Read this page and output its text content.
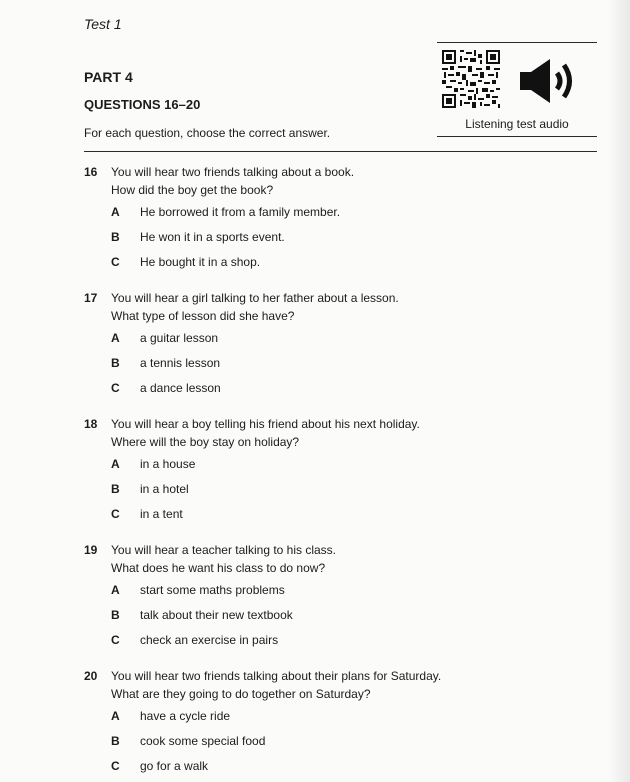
Test 1
PART 4
QUESTIONS 16–20
For each question, choose the correct answer.
Listening test audio
16 You will hear two friends talking about a book.
How did the boy get the book?
A He borrowed it from a family member.
B He won it in a sports event.
C He bought it in a shop.
17 You will hear a girl talking to her father about a lesson.
What type of lesson did she have?
A a guitar lesson
B a tennis lesson
C a dance lesson
18 You will hear a boy telling his friend about his next holiday.
Where will the boy stay on holiday?
A in a house
B in a hotel
C in a tent
19 You will hear a teacher talking to his class.
What does he want his class to do now?
A start some maths problems
B talk about their new textbook
C check an exercise in pairs
20 You will hear two friends talking about their plans for Saturday.
What are they going to do together on Saturday?
A have a cycle ride
B cook some special food
C go for a walk
